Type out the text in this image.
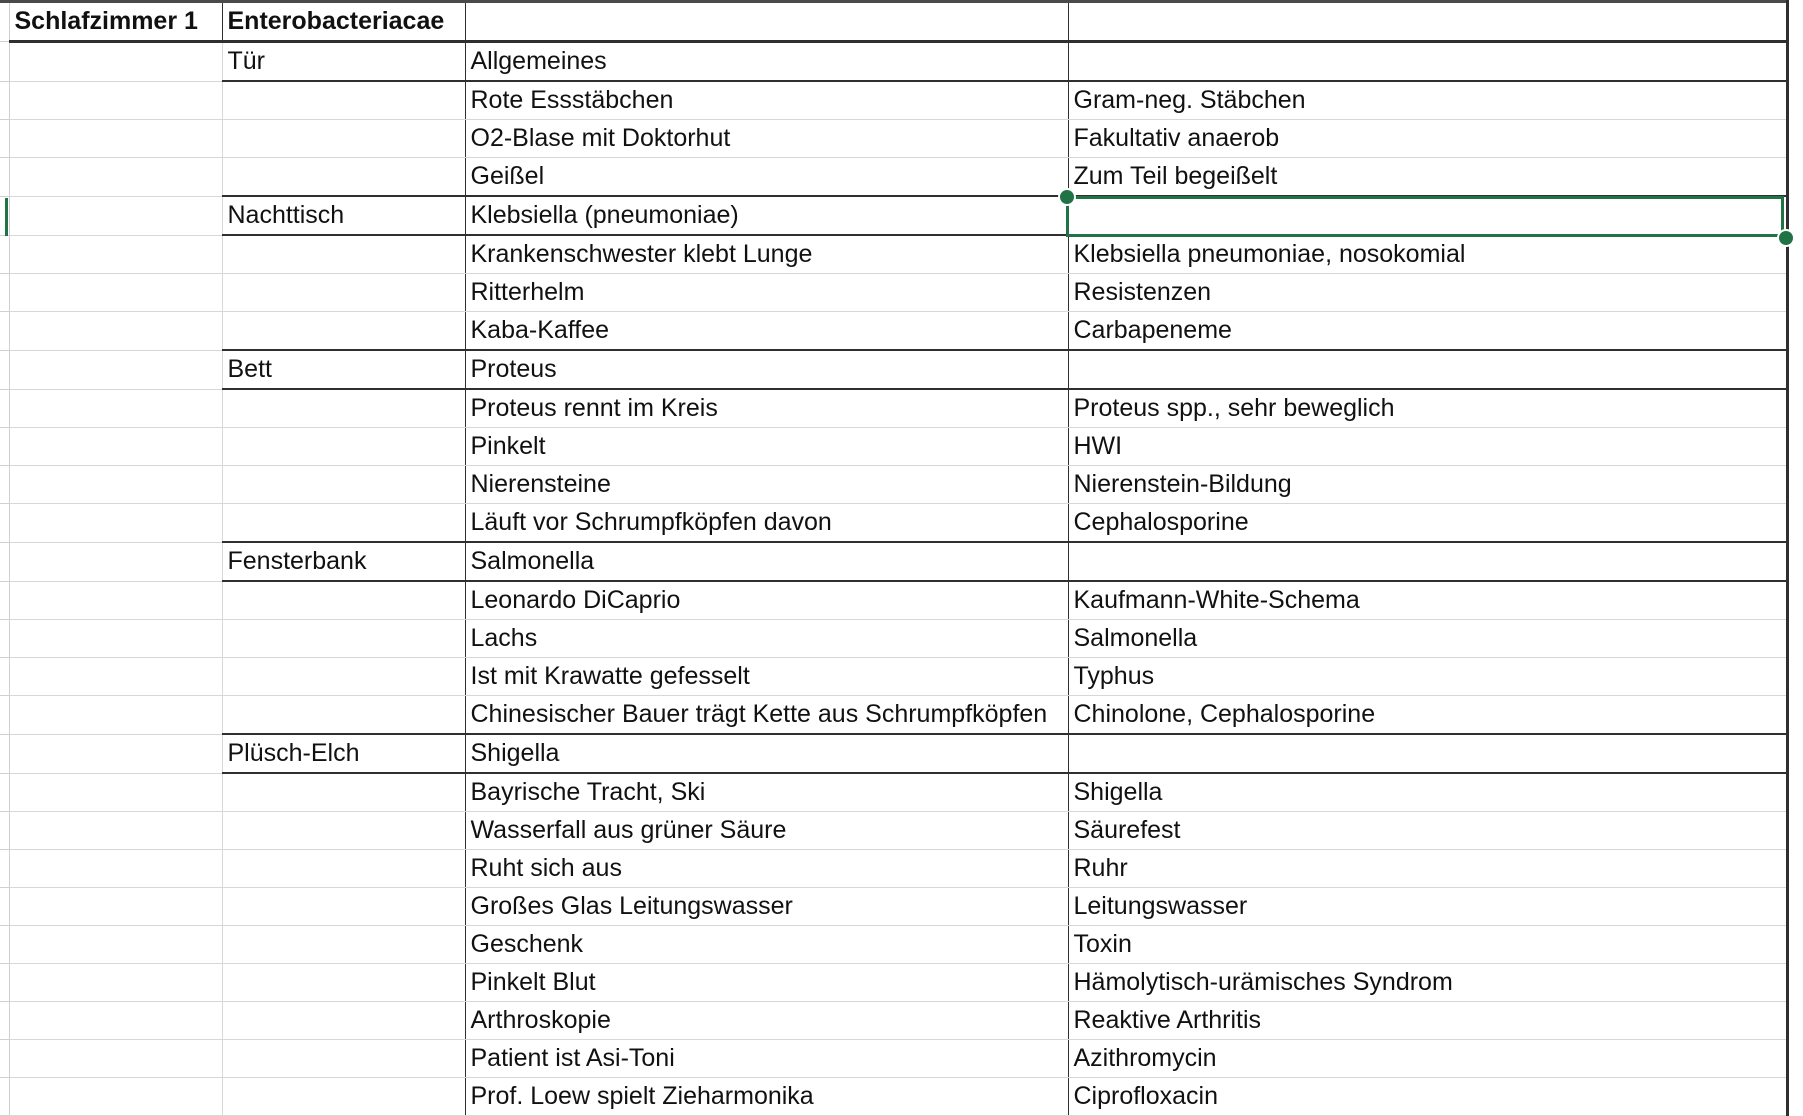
	Schlafzimmer 1	Enterobacteriacae		
		Tür	Allgemeines	
			Rote Essstäbchen	Gram-neg. Stäbchen
			O2-Blase mit Doktorhut	Fakultativ anaerob
			Geißel	Zum Teil begeißelt
		Nachttisch	Klebsiella (pneumoniae)	
			Krankenschwester klebt Lunge	Klebsiella pneumoniae, nosokomial
			Ritterhelm	Resistenzen
			Kaba-Kaffee	Carbapeneme
		Bett	Proteus	
			Proteus rennt im Kreis	Proteus spp., sehr beweglich
			Pinkelt	HWI
			Nierensteine	Nierenstein-Bildung
			Läuft vor Schrumpfköpfen davon	Cephalosporine
		Fensterbank	Salmonella	
			Leonardo DiCaprio	Kaufmann-White-Schema
			Lachs	Salmonella
			Ist mit Krawatte gefesselt	Typhus
			Chinesischer Bauer trägt Kette aus Schrumpfköpfen	Chinolone, Cephalosporine
		Plüsch-Elch	Shigella	
			Bayrische Tracht, Ski	Shigella
			Wasserfall aus grüner Säure	Säurefest
			Ruht sich aus	Ruhr
			Großes Glas Leitungswasser	Leitungswasser
			Geschenk	Toxin
			Pinkelt Blut	Hämolytisch-urämisches Syndrom
			Arthroskopie	Reaktive Arthritis
			Patient ist Asi-Toni	Azithromycin
			Prof. Loew spielt Zieharmonika	Ciprofloxacin
